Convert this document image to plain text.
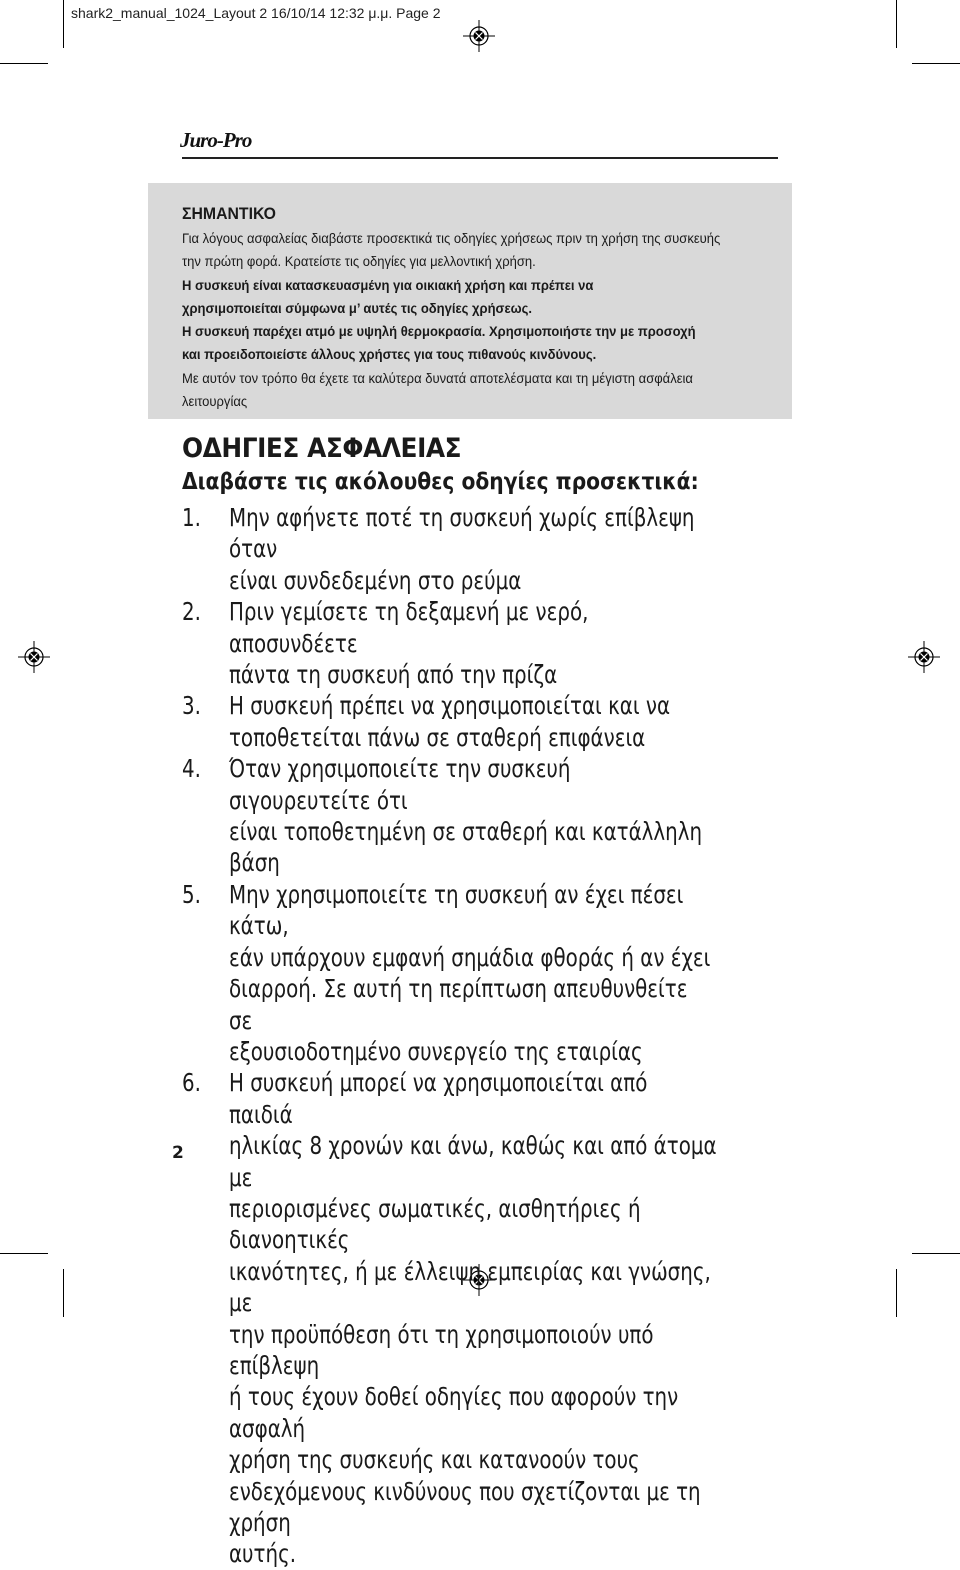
shark2_manual_1024_Layout 2 16/10/14 12:32 μ.μ. Page 2
Juro-Pro

ΣΗΜΑΝΤΙΚΟ

Για λόγους ασφαλείας διαβάστε προσεκτικά τις οδηγίες χρήσεως πριν τη χρήση της συσκευής

την πρώτη φορά. Κρατείστε τις οδηγίες για μελλοντική χρήση.

Η συσκευή είναι κατασκευασμένη για οικιακή χρήση και πρέπει να

χρησιμοποιείται σύμφωνα μ’ αυτές τις οδηγίες χρήσεως.

Η συσκευή παρέχει ατμό με υψηλή θερμοκρασία. Χρησιμοποιήστε την με προσοχή

και προειδοποιείστε άλλους χρήστες για τους πιθανούς κινδύνους.

Με αυτόν τον τρόπο θα έχετε τα καλύτερα δυνατά αποτελέσματα και τη μέγιστη ασφάλεια

λειτουργίας

ΟΔΗΓΙΕΣ ΑΣΦΑΛΕΙΑΣ
Διαβάστε τις ακόλουθες οδηγίες προσεκτικά:
1.	Μην αφήνετε ποτέ τη συσκευή χωρίς επίβλεψη όταν
είναι συνδεδεμένη στο ρεύμα
2.	Πριν γεμίσετε τη δεξαμενή με νερό, αποσυνδέετε
πάντα τη συσκευή από την πρίζα
3.	Η συσκευή πρέπει να χρησιμοποιείται και να
τοποθετείται πάνω σε σταθερή επιφάνεια
4.	Όταν χρησιμοποιείτε την συσκευή σιγουρευτείτε ότι
είναι τοποθετημένη σε σταθερή και κατάλληλη βάση
5.	Μην χρησιμοποιείτε τη συσκευή αν έχει πέσει κάτω,
εάν υπάρχουν εμφανή σημάδια φθοράς ή αν έχει
διαρροή. Σε αυτή τη περίπτωση απευθυνθείτε σε
εξουσιοδοτημένο συνεργείο της εταιρίας
6.	Η συσκευή μπορεί να χρησιμοποιείται από παιδιά
ηλικίας 8 χρονών και άνω, καθώς και από άτομα με
περιορισμένες σωματικές, αισθητήριες ή διανοητικές
ικανότητες, ή με έλλειψη εμπειρίας και γνώσης, με
την προϋπόθεση ότι τη χρησιμοποιούν υπό επίβλεψη
ή τους έχουν δοθεί οδηγίες που αφορούν την ασφαλή
χρήση της συσκευής και κατανοούν τους
ενδεχόμενους κινδύνους που σχετίζονται με τη χρήση
αυτής.
2
